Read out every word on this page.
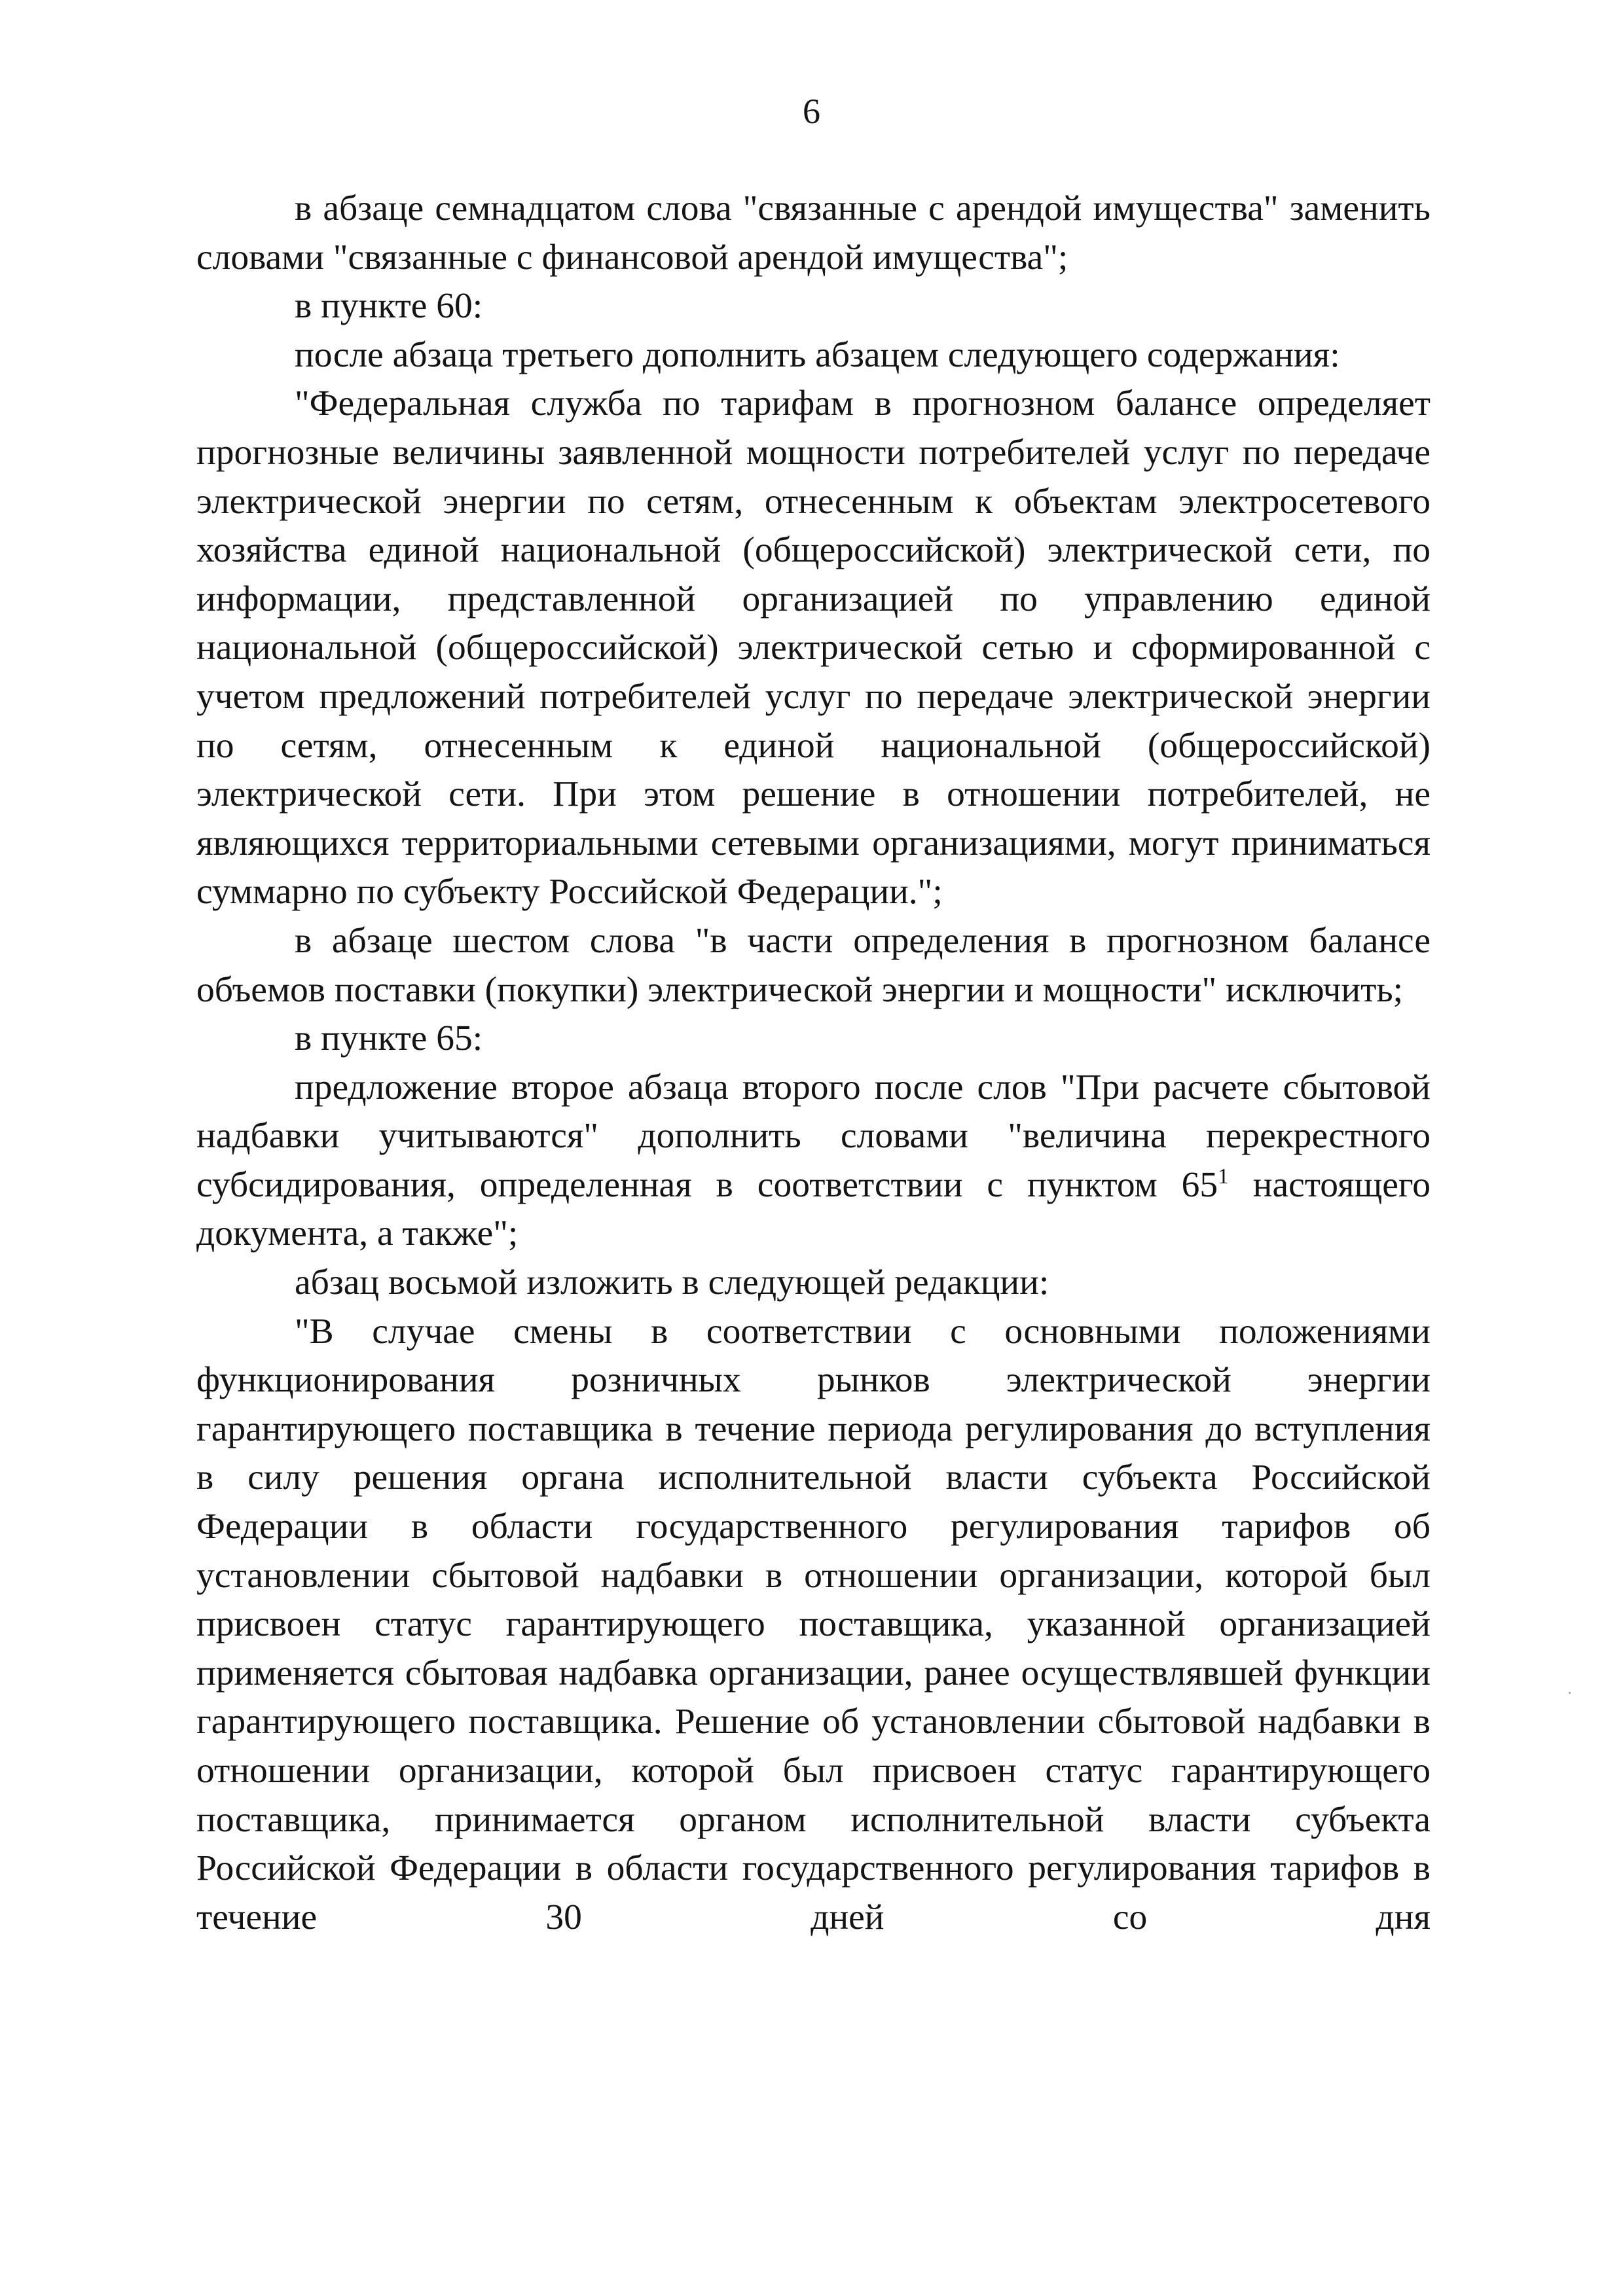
6

в абзаце семнадцатом слова "связанные с арендой имущества" заменить словами "связанные с финансовой арендой имущества";

в пункте 60:

после абзаца третьего дополнить абзацем следующего содержания:

"Федеральная служба по тарифам в прогнозном балансе определяет прогнозные величины заявленной мощности потребителей услуг по передаче электрической энергии по сетям, отнесенным к объектам электросетевого хозяйства единой национальной (общероссийской) электрической сети, по информации, представленной организацией по управлению единой национальной (общероссийской) электрической сетью и сформированной с учетом предложений потребителей услуг по передаче электрической энергии по сетям, отнесенным к единой национальной (общероссийской) электрической сети. При этом решение в отношении потребителей, не являющихся территориальными сетевыми организациями, могут приниматься суммарно по субъекту Российской Федерации.";

в абзаце шестом слова "в части определения в прогнозном балансе объемов поставки (покупки) электрической энергии и мощности" исключить;

в пункте 65:

предложение второе абзаца второго после слов "При расчете сбытовой надбавки учитываются" дополнить словами "величина перекрестного субсидирования, определенная в соответствии с пунктом $65^1$ настоящего документа, а также";

абзац восьмой изложить в следующей редакции:

"В случае смены в соответствии с основными положениями функционирования розничных рынков электрической энергии гарантирующего поставщика в течение периода регулирования до вступления в силу решения органа исполнительной власти субъекта Российской Федерации в области государственного регулирования тарифов об установлении сбытовой надбавки в отношении организации, которой был присвоен статус гарантирующего поставщика, указанной организацией применяется сбытовая надбавка организации, ранее осуществлявшей функции гарантирующего поставщика. Решение об установлении сбытовой надбавки в отношении организации, которой был присвоен статус гарантирующего поставщика, принимается органом исполнительной власти субъекта Российской Федерации в области государственного регулирования тарифов в течение 30 дней со дня
